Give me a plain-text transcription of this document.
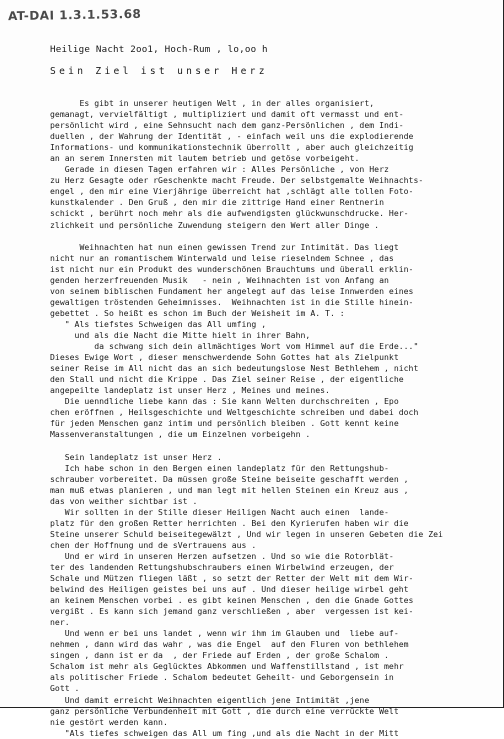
AT-DAI 1.3.1.53.68
Heilige Nacht 2oo1, Hoch-Rum , lo,oo h
Sein Ziel ist unser Herz
Es gibt in unserer heutigen Welt , in der alles organisiert,
gemanagt, vervielfältigt , multipliziert und damit oft vermasst und ent-
persönlicht wird , eine Sehnsucht nach dem ganz-Persönlichen , dem Indi-
duellen , der Wahrung der Identität , - einfach weil uns die explodierende
Informations- und kommunikationstechnik überrollt , aber auch gleichzeitig
an an serem Innersten mit lautem betrieb und getöse vorbeigeht.
Gerade in diesen Tagen erfahren wir : Alles Persönliche , von Herz
zu Herz Gesagte oder rGeschenkte macht Freude. Der selbstgemalte Weihnachts-
engel , den mir eine Vierjährige überreicht hat ,schlägt alle tollen Foto-
kunstkalender . Den Gruß , den mir die zittrige Hand einer Rentnerin
schickt , berührt noch mehr als die aufwendigsten glückwunschdrucke. Her-
zlichkeit und persönliche Zuwendung steigern den Wert aller Dinge .
Weihnachten hat nun einen gewissen Trend zur Intimität. Das liegt
nicht nur an romantischem Winterwald und leise rieselndem Schnee , das
ist nicht nur ein Produkt des wunderschönen Brauchtums und überall erklin-
genden herzerfreuenden Musik   - nein , Weihnachten ist von Anfang an
von seinem biblischen Fundament her angelegt auf das leise Innwerden eines
gewaltigen tröstenden Geheimnisses.  Weihnachten ist in die Stille hinein-
gebettet . So heißt es schon im Buch der Weisheit im A. T. :
" Als tiefstes Schweigen das All umfing ,
und als die Nacht die Mitte hielt in ihrer Bahn,
da schwang sich dein allmächtiges Wort vom Himmel auf die Erde..."
Dieses Ewige Wort , dieser menschwerdende Sohn Gottes hat als Zielpunkt
seiner Reise im All nicht das an sich bedeutungslose Nest Bethlehem , nicht
den Stall und nicht die Krippe . Das Ziel seiner Reise , der eigentliche
angepeilte landeplatz ist unser Herz , Meines und meines.
Die uenndliche liebe kann das : Sie kann Welten durchschreiten , Epo
chen eröffnen , Heilsgeschichte und Weltgeschichte schreiben und dabei doch
für jeden Menschen ganz intim und persönlich bleiben . Gott kennt keine
Massenveranstaltungen , die um Einzelnen vorbeigehn .
Sein landeplatz ist unser Herz .
Ich habe schon in den Bergen einen landeplatz für den Rettungshub-
schrauber vorbereitet. Da müssen große Steine beiseite geschafft werden ,
man muß etwas planieren , und man legt mit hellen Steinen ein Kreuz aus ,
das von weither sichtbar ist .
Wir sollten in der Stille dieser Heiligen Nacht auch einen  lande-
platz für den großen Retter herrichten . Bei den Kyrierufen haben wir die
Steine unserer Schuld beiseitegewälzt , Und wir legen in unseren Gebeten die Zei
chen der Hoffnung und de sVertrauens aus .
Und er wird in unseren Herzen aufsetzen . Und so wie die Rotorblät-
ter des landenden Rettungshubschraubers einen Wirbelwind erzeugen, der
Schale und Mützen fliegen läßt , so setzt der Retter der Welt mit dem Wir-
belwind des Heiligen geistes bei uns auf . Und dieser heilige wirbel geht
an keinem Menschen vorbei . es gibt keinen Menschen , den die Gnade Gottes
vergißt . Es kann sich jemand ganz verschließen , aber  vergessen ist kei-
ner.
Und wenn er bei uns landet , wenn wir ihm im Glauben und  liebe auf-
nehmen , dann wird das wahr , was die Engel  auf den Fluren von bethlehem
singen , dann ist er da  , der Friede auf Erden , der große Schalom .
Schalom ist mehr als Geglücktes Abkommen und Waffenstillstand , ist mehr
als politischer Friede . Schalom bedeutet Geheilt- und Geborgensein in
Gott .
Und damit erreicht Weihnachten eigentlich jene Intimität ,jene
ganz persönliche Verbundenheit mit Gott , die durch eine verrückte Welt
nie gestört werden kann.
"Als tiefes schweigen das All um fing ,und als die Nacht in der Mitt
